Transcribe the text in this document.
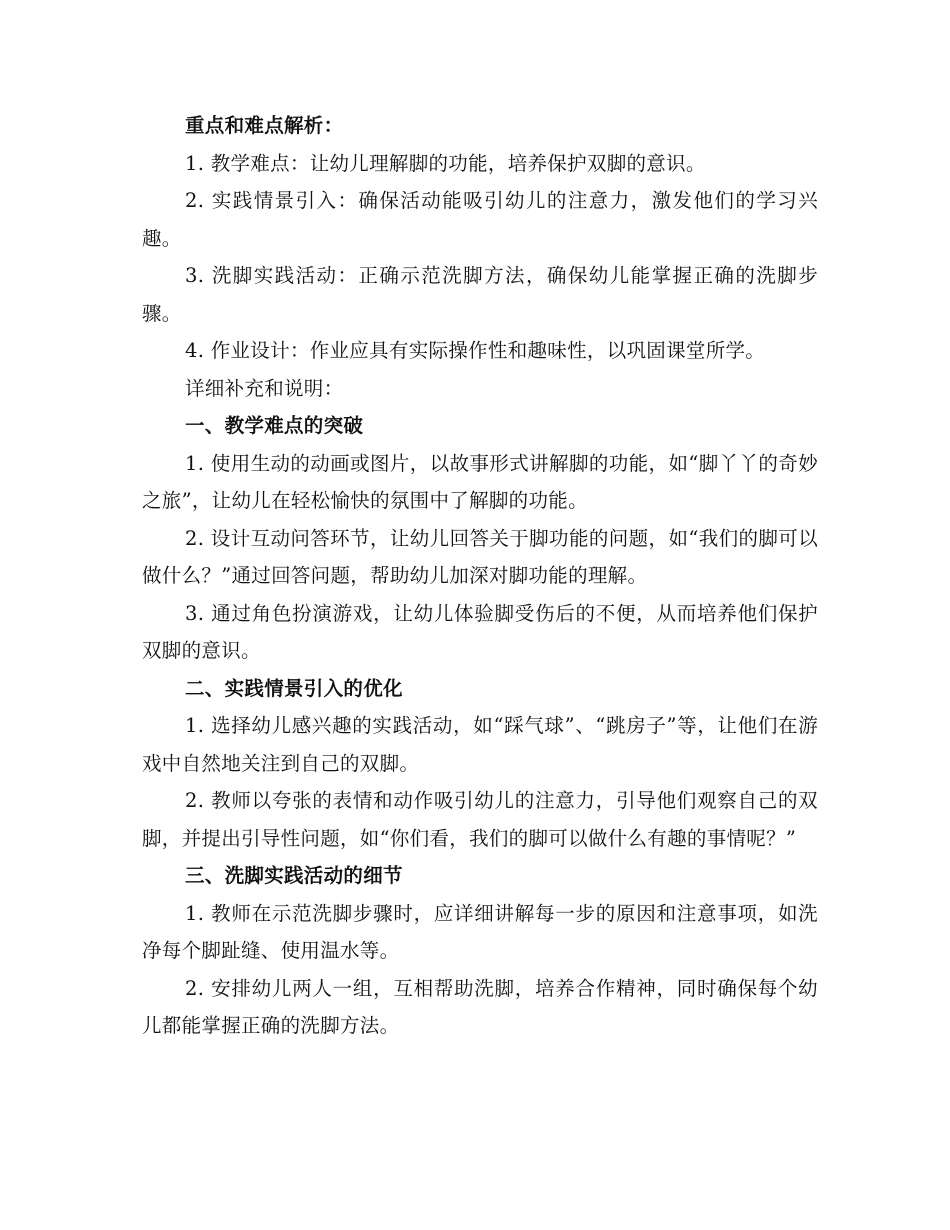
重点和难点解析：

1. 教学难点：让幼儿理解脚的功能，培养保护双脚的意识。

2. 实践情景引入：确保活动能吸引幼儿的注意力，激发他们的学习兴趣。

3. 洗脚实践活动：正确示范洗脚方法，确保幼儿能掌握正确的洗脚步骤。

4. 作业设计：作业应具有实际操作性和趣味性，以巩固课堂所学。

详细补充和说明：

一、教学难点的突破

1. 使用生动的动画或图片，以故事形式讲解脚的功能，如“脚丫丫的奇妙之旅”，让幼儿在轻松愉快的氛围中了解脚的功能。

2. 设计互动问答环节，让幼儿回答关于脚功能的问题，如“我们的脚可以做什么？”通过回答问题，帮助幼儿加深对脚功能的理解。

3. 通过角色扮演游戏，让幼儿体验脚受伤后的不便，从而培养他们保护双脚的意识。

二、实践情景引入的优化

1. 选择幼儿感兴趣的实践活动，如“踩气球”、“跳房子”等，让他们在游戏中自然地关注到自己的双脚。

2. 教师以夸张的表情和动作吸引幼儿的注意力，引导他们观察自己的双脚，并提出引导性问题，如“你们看，我们的脚可以做什么有趣的事情呢？”

三、洗脚实践活动的细节

1. 教师在示范洗脚步骤时，应详细讲解每一步的原因和注意事项，如洗净每个脚趾缝、使用温水等。

2. 安排幼儿两人一组，互相帮助洗脚，培养合作精神，同时确保每个幼儿都能掌握正确的洗脚方法。
